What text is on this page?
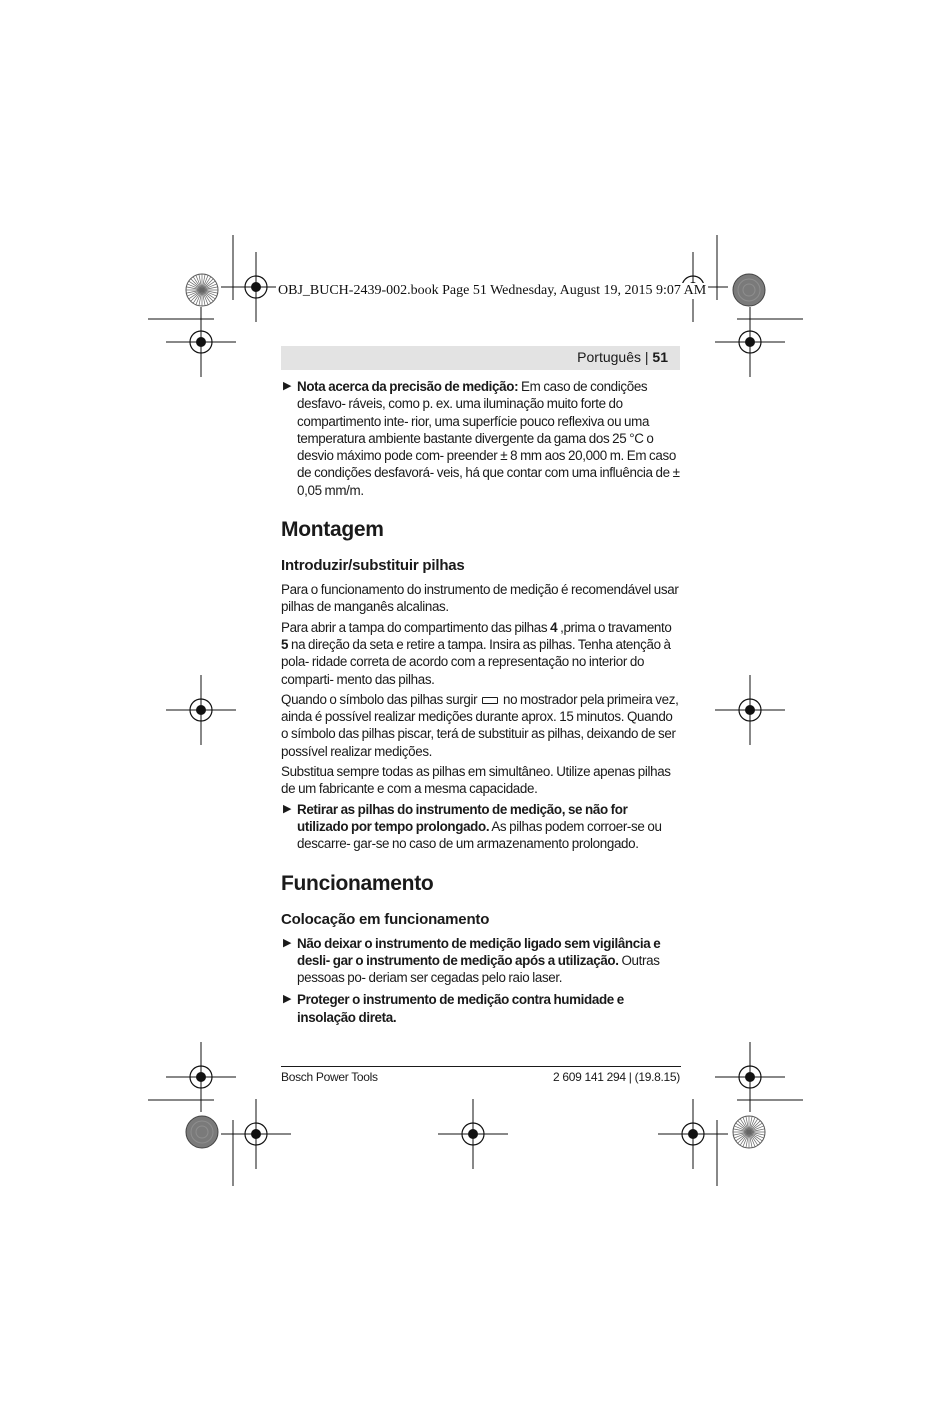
OBJ_BUCH-2439-002.book Page 51 Wednesday, August 19, 2015 9:07 AM
Português | 51
▶ Nota acerca da precisão de medição: Em caso de condições desfavo- ráveis, como p. ex. uma iluminação muito forte do compartimento inte- rior, uma superfície pouco reflexiva ou uma temperatura ambiente bastante divergente da gama dos 25 °C o desvio máximo pode com- preender ± 8 mm aos 20,000 m. Em caso de condições desfavorá- veis, há que contar com uma influência de ± 0,05 mm/m.
Montagem
Introduzir/substituir pilhas

Para o funcionamento do instrumento de medição é recomendável usar pilhas de manganês alcalinas.

Para abrir a tampa do compartimento das pilhas 4 ,prima o travamento 5 na direção da seta e retire a tampa. Insira as pilhas. Tenha atenção à pola- ridade correta de acordo com a representação no interior do comparti- mento das pilhas.

Quando o símbolo das pilhas surgir  no mostrador pela primeira vez, ainda é possível realizar medições durante aprox. 15 minutos. Quando o símbolo das pilhas piscar, terá de substituir as pilhas, deixando de ser possível realizar medições.

Substitua sempre todas as pilhas em simultâneo. Utilize apenas pilhas de um fabricante e com a mesma capacidade.

▶ Retirar as pilhas do instrumento de medição, se não for utilizado por tempo prolongado. As pilhas podem corroer-se ou descarre- gar-se no caso de um armazenamento prolongado.
Funcionamento
Colocação em funcionamento
▶ Não deixar o instrumento de medição ligado sem vigilância e desli- gar o instrumento de medição após a utilização. Outras pessoas po- deriam ser cegadas pelo raio laser.
▶ Proteger o instrumento de medição contra humidade e insolação direta.
Bosch Power Tools	2 609 141 294 | (19.8.15)
